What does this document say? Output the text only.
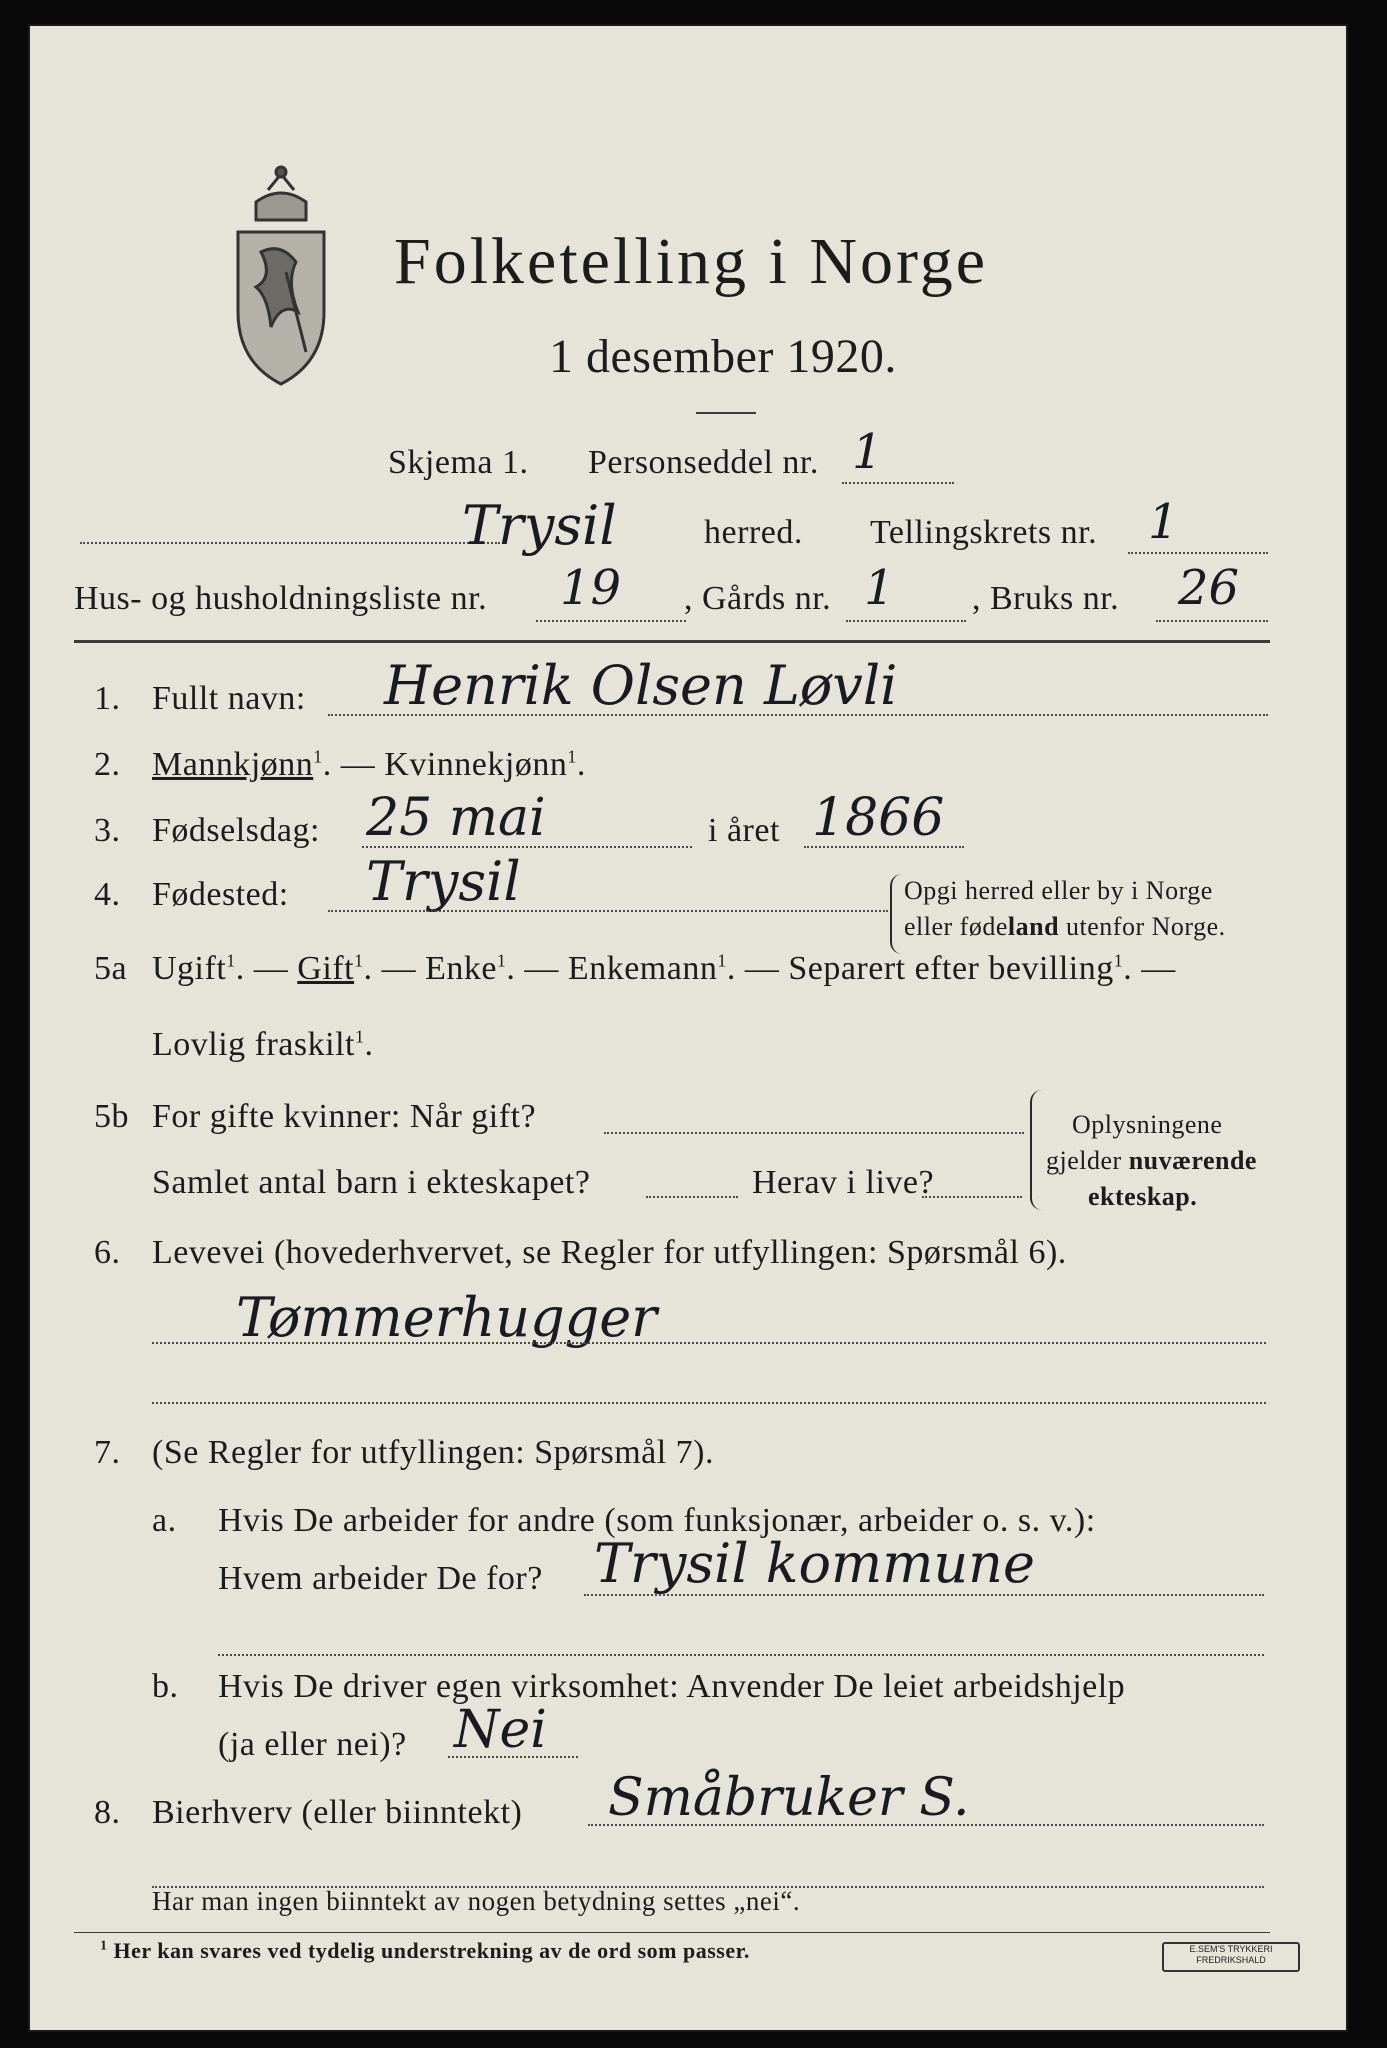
Folketelling i Norge
1 desember 1920.
Skjema 1. Personseddel nr. 1
Trysil	herred. Tellingskrets nr. 1
Hus- og husholdningsliste nr. 19 , Gårds nr. 1 , Bruks nr. 26
1. Fullt navn: Henrik Olsen Løvli
2. Mannkjønn$^1$. — Kvinnekjønn$^1$.
3. Fødselsdag: 25 mai	i året 1866
4. Fødested: Trysil	Opgi herred eller by i Norge
eller fødeland utenfor Norge.
5a Ugift$^1$. — Gift$^1$. — Enke$^1$. — Enkemann$^1$. — Separert efter bevilling$^1$. —
Lovlig fraskilt$^1$.
5b For gifte kvinner: Når gift?
Samlet antal barn i ekteskapet?	Herav i live?
Oplysningene
gjelder nuværende
ekteskap.
6. Levevei (hovederhvervet, se Regler for utfyllingen: Spørsmål 6).
Tømmerhugger
7. (Se Regler for utfyllingen: Spørsmål 7).
a. Hvis De arbeider for andre (som funksjonær, arbeider o. s. v.):
Hvem arbeider De for? Trysil kommune
b. Hvis De driver egen virksomhet: Anvender De leiet arbeidshjelp
(ja eller nei)? Nei
8. Bierhverv (eller biinntekt) Småbruker S.
Har man ingen biinntekt av nogen betydning settes „nei“.
$^1$ Her kan svares ved tydelig understrekning av de ord som passer.	E.SEM'S TRYKKERI
FREDRIKSHALD
